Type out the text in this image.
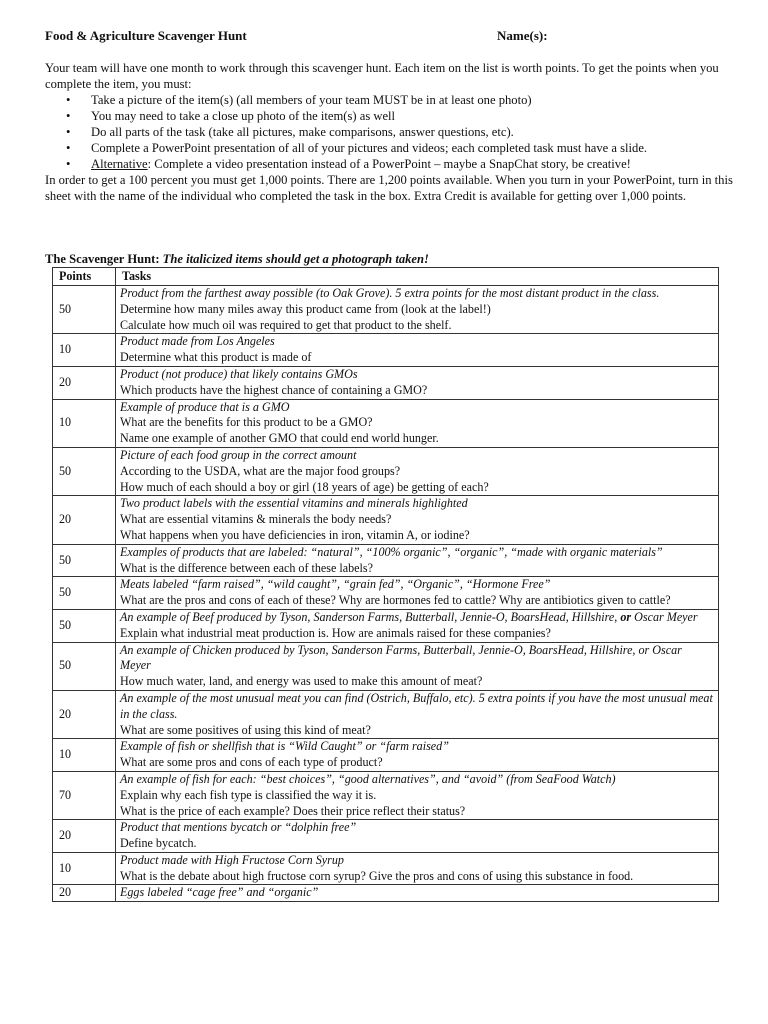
Food & Agriculture Scavenger Hunt	Name(s):

Your team will have one month to work through this scavenger hunt. Each item on the list is worth points. To get the points when you complete the item, you must:

• Take a picture of the item(s) (all members of your team MUST be in at least one photo)
• You may need to take a close up photo of the item(s) as well
• Do all parts of the task (take all pictures, make comparisons, answer questions, etc).
• Complete a PowerPoint presentation of all of your pictures and videos; each completed task must have a slide.
• Alternative: Complete a video presentation instead of a PowerPoint – maybe a SnapChat story, be creative!

In order to get a 100 percent you must get 1,000 points. There are 1,200 points available. When you turn in your PowerPoint, turn in this sheet with the name of the individual who completed the task in the box. Extra Credit is available for getting over 1,000 points.

The Scavenger Hunt: The italicized items should get a photograph taken!
Points	Tasks
50	Product from the farthest away possible (to Oak Grove). 5 extra points for the most distant product in the class.
Determine how many miles away this product came from (look at the label!)
Calculate how much oil was required to get that product to the shelf.

10	Product made from Los Angeles
Determine what this product is made of

20	Product (not produce) that likely contains GMOs
Which products have the highest chance of containing a GMO?

10	Example of produce that is a GMO
What are the benefits for this product to be a GMO?
Name one example of another GMO that could end world hunger.

50	Picture of each food group in the correct amount
According to the USDA, what are the major food groups?
How much of each should a boy or girl (18 years of age) be getting of each?

20	Two product labels with the essential vitamins and minerals highlighted
What are essential vitamins & minerals the body needs?
What happens when you have deficiencies in iron, vitamin A, or iodine?

50	Examples of products that are labeled: “natural”, “100% organic”, “organic”, “made with organic materials”
What is the difference between each of these labels?

50	Meats labeled “farm raised”, “wild caught”, “grain fed”, “Organic”, “Hormone Free”
What are the pros and cons of each of these? Why are hormones fed to cattle? Why are antibiotics given to cattle?

50	An example of Beef produced by Tyson, Sanderson Farms, Butterball, Jennie-O, BoarsHead, Hillshire, or Oscar Meyer
Explain what industrial meat production is. How are animals raised for these companies?

50	An example of Chicken produced by Tyson, Sanderson Farms, Butterball, Jennie-O, BoarsHead, Hillshire, or Oscar Meyer
How much water, land, and energy was used to make this amount of meat?

20	An example of the most unusual meat you can find (Ostrich, Buffalo, etc). 5 extra points if you have the most unusual meat in the class.
What are some positives of using this kind of meat?

10	Example of fish or shellfish that is “Wild Caught” or “farm raised”
What are some pros and cons of each type of product?

70	An example of fish for each: “best choices”, “good alternatives”, and “avoid” (from SeaFood Watch)
Explain why each fish type is classified the way it is.
What is the price of each example? Does their price reflect their status?

20	Product that mentions bycatch or “dolphin free”
Define bycatch.

10	Product made with High Fructose Corn Syrup
What is the debate about high fructose corn syrup? Give the pros and cons of using this substance in food.

20	Eggs labeled “cage free” and “organic”
